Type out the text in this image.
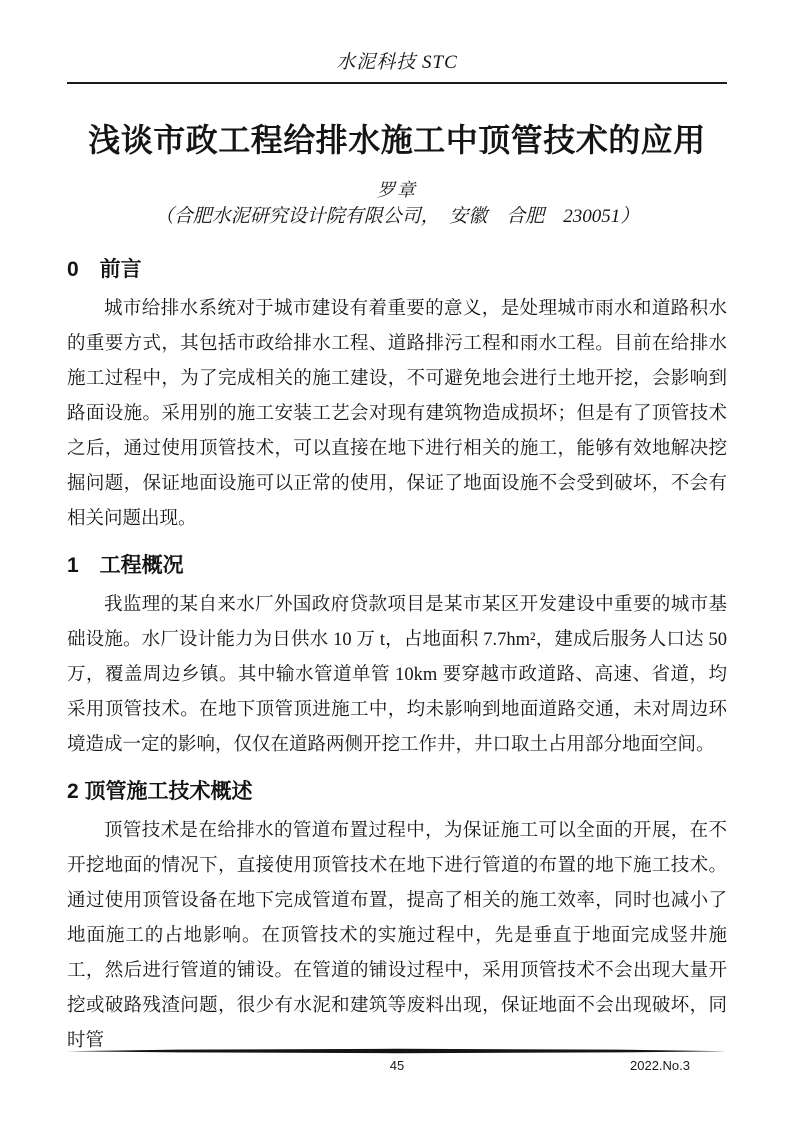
水泥科技 STC
浅谈市政工程给排水施工中顶管技术的应用
罗章
（合肥水泥研究设计院有限公司，　安徽　合肥　230051）
0　前言

城市给排水系统对于城市建设有着重要的意义，是处理城市雨水和道路积水的重要方式，其包括市政给排水工程、道路排污工程和雨水工程。目前在给排水施工过程中，为了完成相关的施工建设，不可避免地会进行土地开挖，会影响到路面设施。采用别的施工安装工艺会对现有建筑物造成损坏；但是有了顶管技术之后，通过使用顶管技术，可以直接在地下进行相关的施工，能够有效地解决挖掘问题，保证地面设施可以正常的使用，保证了地面设施不会受到破坏，不会有相关问题出现。

1　工程概况

我监理的某自来水厂外国政府贷款项目是某市某区开发建设中重要的城市基础设施。水厂设计能力为日供水 10 万 t，占地面积 7.7hm²，建成后服务人口达 50 万，覆盖周边乡镇。其中输水管道单管 10km 要穿越市政道路、高速、省道，均采用顶管技术。在地下顶管顶进施工中，均未影响到地面道路交通，未对周边环境造成一定的影响，仅仅在道路两侧开挖工作井，井口取土占用部分地面空间。

2 顶管施工技术概述

顶管技术是在给排水的管道布置过程中，为保证施工可以全面的开展，在不开挖地面的情况下，直接使用顶管技术在地下进行管道的布置的地下施工技术。通过使用顶管设备在地下完成管道布置，提高了相关的施工效率，同时也减小了地面施工的占地影响。在顶管技术的实施过程中，先是垂直于地面完成竖井施工，然后进行管道的铺设。在管道的铺设过程中，采用顶管技术不会出现大量开挖或破路残渣问题，很少有水泥和建筑等废料出现，保证地面不会出现破坏，同时管

45	2022.No.3
